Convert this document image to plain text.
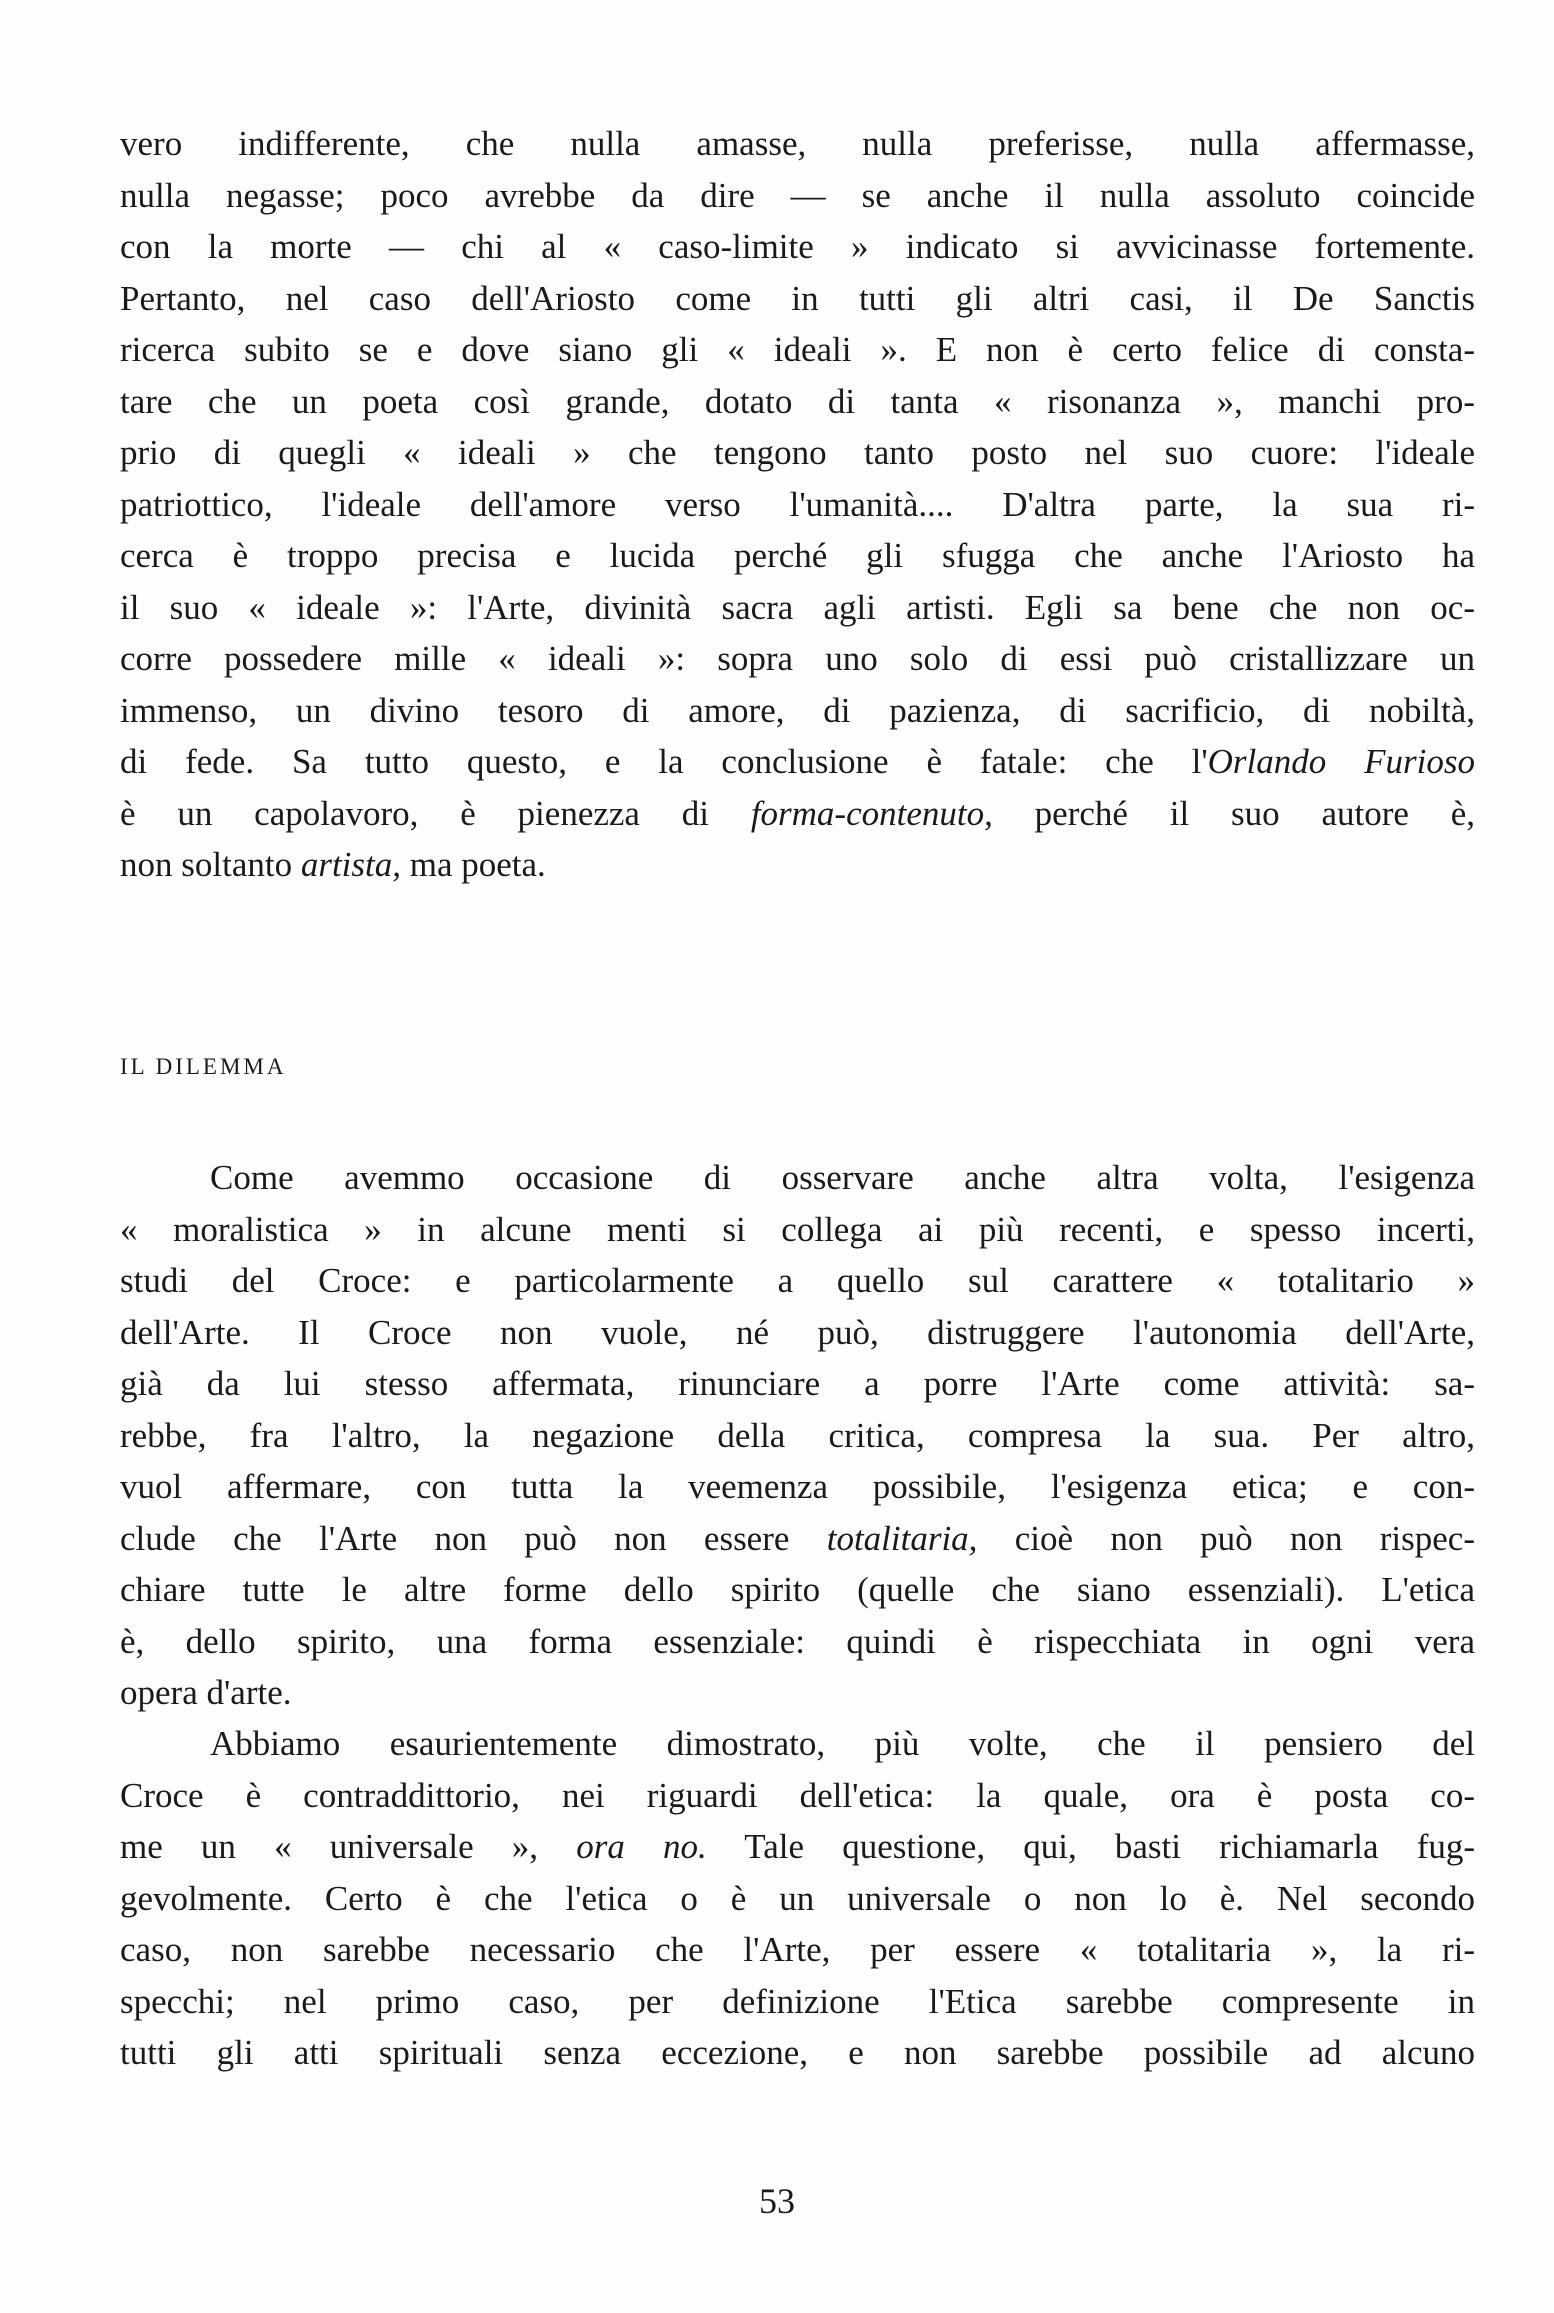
vero indifferente, che nulla amasse, nulla preferisse, nulla affermasse,
nulla negasse; poco avrebbe da dire — se anche il nulla assoluto coincide
con la morte — chi al « caso-limite » indicato si avvicinasse fortemente.
Pertanto, nel caso dell'Ariosto come in tutti gli altri casi, il De Sanctis
ricerca subito se e dove siano gli « ideali ». E non è certo felice di consta-
tare che un poeta così grande, dotato di tanta « risonanza », manchi pro-
prio di quegli « ideali » che tengono tanto posto nel suo cuore: l'ideale
patriottico, l'ideale dell'amore verso l'umanità.... D'altra parte, la sua ri-
cerca è troppo precisa e lucida perché gli sfugga che anche l'Ariosto ha
il suo « ideale »: l'Arte, divinità sacra agli artisti. Egli sa bene che non oc-
corre possedere mille « ideali »: sopra uno solo di essi può cristallizzare un
immenso, un divino tesoro di amore, di pazienza, di sacrificio, di nobiltà,
di fede. Sa tutto questo, e la conclusione è fatale: che l'Orlando Furioso
è un capolavoro, è pienezza di forma-contenuto, perché il suo autore è,
non soltanto artista, ma poeta.
IL DILEMMA
Come avemmo occasione di osservare anche altra volta, l'esigenza
« moralistica » in alcune menti si collega ai più recenti, e spesso incerti,
studi del Croce: e particolarmente a quello sul carattere « totalitario »
dell'Arte. Il Croce non vuole, né può, distruggere l'autonomia dell'Arte,
già da lui stesso affermata, rinunciare a porre l'Arte come attività: sa-
rebbe, fra l'altro, la negazione della critica, compresa la sua. Per altro,
vuol affermare, con tutta la veemenza possibile, l'esigenza etica; e con-
clude che l'Arte non può non essere totalitaria, cioè non può non rispec-
chiare tutte le altre forme dello spirito (quelle che siano essenziali). L'etica
è, dello spirito, una forma essenziale: quindi è rispecchiata in ogni vera
opera d'arte.
Abbiamo esaurientemente dimostrato, più volte, che il pensiero del
Croce è contraddittorio, nei riguardi dell'etica: la quale, ora è posta co-
me un « universale », ora no. Tale questione, qui, basti richiamarla fug-
gevolmente. Certo è che l'etica o è un universale o non lo è. Nel secondo
caso, non sarebbe necessario che l'Arte, per essere « totalitaria », la ri-
specchi; nel primo caso, per definizione l'Etica sarebbe compresente in
tutti gli atti spirituali senza eccezione, e non sarebbe possibile ad alcuno
53
